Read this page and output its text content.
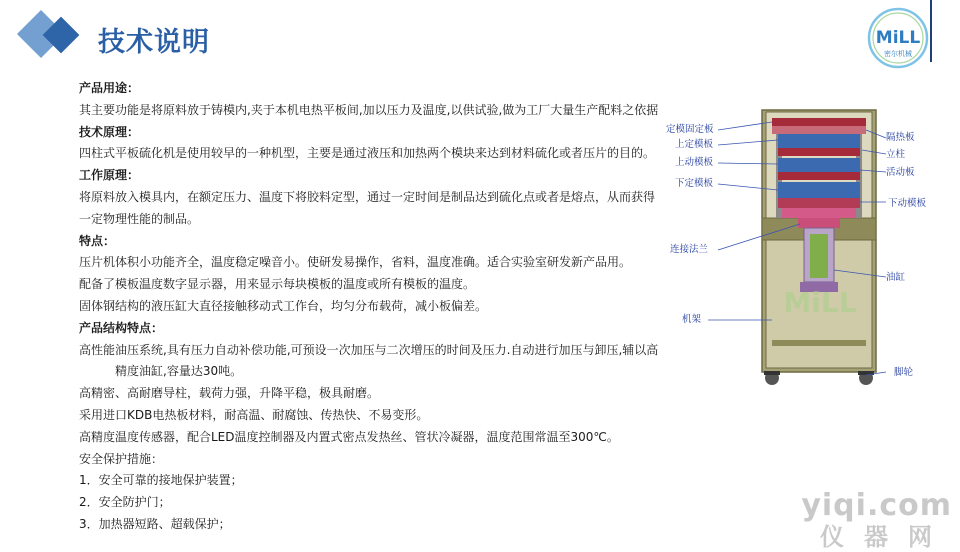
技术说明	MiLL
密尔机械
产品用途：
其主要功能是将原料放于铸模内,夹于本机电热平板间,加以压力及温度,以供试验,做为工厂大量生产配料之依据
技术原理：
四柱式平板硫化机是使用较早的一种机型，主要是通过液压和加热两个模块来达到材料硫化或者压片的目的。
工作原理：
将原料放入模具内，在额定压力、温度下将胶料定型，通过一定时间是制品达到硫化点或者是熔点，从而获得
一定物理性能的制品。
特点：
压片机体积小功能齐全，温度稳定噪音小。使研发易操作，省料，温度准确。适合实验室研发新产品用。
配备了模板温度数字显示器，用来显示每块模板的温度或所有模板的温度。
固体钢结构的液压缸大直径接触移动式工作台，均匀分布载荷，减小板偏差。
产品结构特点：
高性能油压系统,具有压力自动补偿功能,可预设一次加压与二次增压的时间及压力.自动进行加压与卸压,辅以高
精度油缸,容量达30吨。
高精密、高耐磨导柱，载荷力强，升降平稳，极具耐磨。
采用进口KDB电热板材料，耐高温、耐腐蚀、传热快、不易变形。
高精度温度传感器，配合LED温度控制器及内置式密点发热丝、管状冷凝器，温度范围常温至300℃。
安全保护措施：
1．安全可靠的接地保护装置；
2．安全防护门；
3．加热器短路、超载保护；
MiLL
定模固定板
上定模板
上动模板
下定模板
连接法兰
机架
隔热板
立柱
活动板
下动模板
油缸
脚轮
yiqi.com
仪器网
